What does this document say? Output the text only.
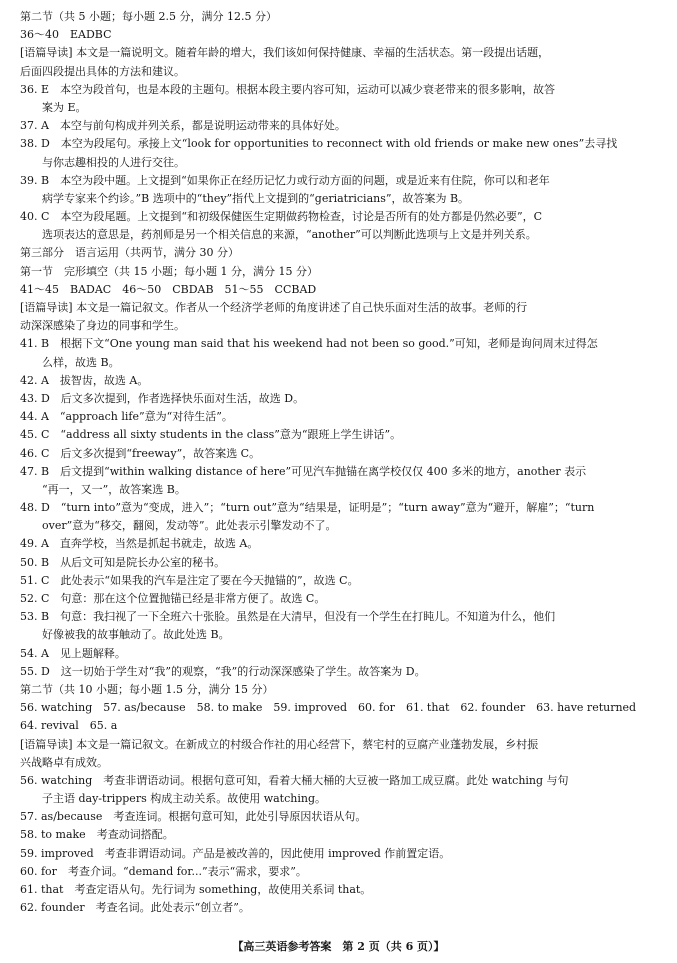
第二节（共 5 小题；每小题 2.5 分，满分 12.5 分）
36～40　EADBC
[语篇导读] 本文是一篇说明文。随着年龄的增大，我们该如何保持健康、幸福的生活状态。第一段提出话题，
后面四段提出具体的方法和建议。
36. E　本空为段首句，也是本段的主题句。根据本段主要内容可知，运动可以减少衰老带来的很多影响，故答
案为 E。
37. A　本空与前句构成并列关系，都是说明运动带来的具体好处。
38. D　本空为段尾句。承接上文“look for opportunities to reconnect with old friends or make new ones”去寻找
与你志趣相投的人进行交往。
39. B　本空为段中题。上文提到“如果你正在经历记忆力或行动方面的问题，或是近来有住院，你可以和老年
病学专家来个约诊。”B 选项中的“they”指代上文提到的“geriatricians”，故答案为 B。
40. C　本空为段尾题。上文提到“和初级保健医生定期做药物检查，讨论是否所有的处方都是仍然必要”，C
选项表达的意思是，药剂师是另一个相关信息的来源，“another”可以判断此选项与上文是并列关系。
第三部分　语言运用（共两节，满分 30 分）
第一节　完形填空（共 15 小题；每小题 1 分，满分 15 分）
41～45　BADAC　46～50　CBDAB　51～55　CCBAD
[语篇导读] 本文是一篇记叙文。作者从一个经济学老师的角度讲述了自己快乐面对生活的故事。老师的行
动深深感染了身边的同事和学生。
41. B　根据下文“One young man said that his weekend had not been so good.”可知，老师是询问周末过得怎
么样，故选 B。
42. A　拔智齿，故选 A。
43. D　后文多次提到，作者选择快乐面对生活，故选 D。
44. A　“approach life”意为“对待生活”。
45. C　“address all sixty students in the class”意为“跟班上学生讲话”。
46. C　后文多次提到“freeway”，故答案选 C。
47. B　后文提到“within walking distance of here”可见汽车抛锚在离学校仅仅 400 多米的地方，another 表示
“再一，又一”，故答案选 B。
48. D　“turn into”意为“变成，进入”；“turn out”意为“结果是，证明是”；“turn away”意为“避开，解雇”；“turn
over”意为“移交，翻阅，发动等”。此处表示引擎发动不了。
49. A　直奔学校，当然是抓起书就走，故选 A。
50. B　从后文可知是院长办公室的秘书。
51. C　此处表示“如果我的汽车是注定了要在今天抛锚的”，故选 C。
52. C　句意：那在这个位置抛锚已经是非常方便了。故选 C。
53. B　句意：我扫视了一下全班六十张脸。虽然是在大清早，但没有一个学生在打盹儿。不知道为什么，他们
好像被我的故事触动了。故此处选 B。
54. A　见上题解释。
55. D　这一切始于学生对“我”的观察，“我”的行动深深感染了学生。故答案为 D。
第二节（共 10 小题；每小题 1.5 分，满分 15 分）
56. watching　57. as/because　58. to make　59. improved　60. for　61. that　62. founder　63. have returned
64. revival　65. a
[语篇导读] 本文是一篇记叙文。在新成立的村级合作社的用心经营下，蔡宅村的豆腐产业蓬勃发展，乡村振
兴战略卓有成效。
56. watching　考查非谓语动词。根据句意可知，看着大桶大桶的大豆被一路加工成豆腐。此处 watching 与句
子主语 day-trippers 构成主动关系。故使用 watching。
57. as/because　考查连词。根据句意可知，此处引导原因状语从句。
58. to make　考查动词搭配。
59. improved　考查非谓语动词。产品是被改善的，因此使用 improved 作前置定语。
60. for　考查介词。“demand for...”表示“需求，要求”。
61. that　考查定语从句。先行词为 something，故使用关系词 that。
62. founder　考查名词。此处表示“创立者”。
【高三英语参考答案　第 2 页（共 6 页）】
